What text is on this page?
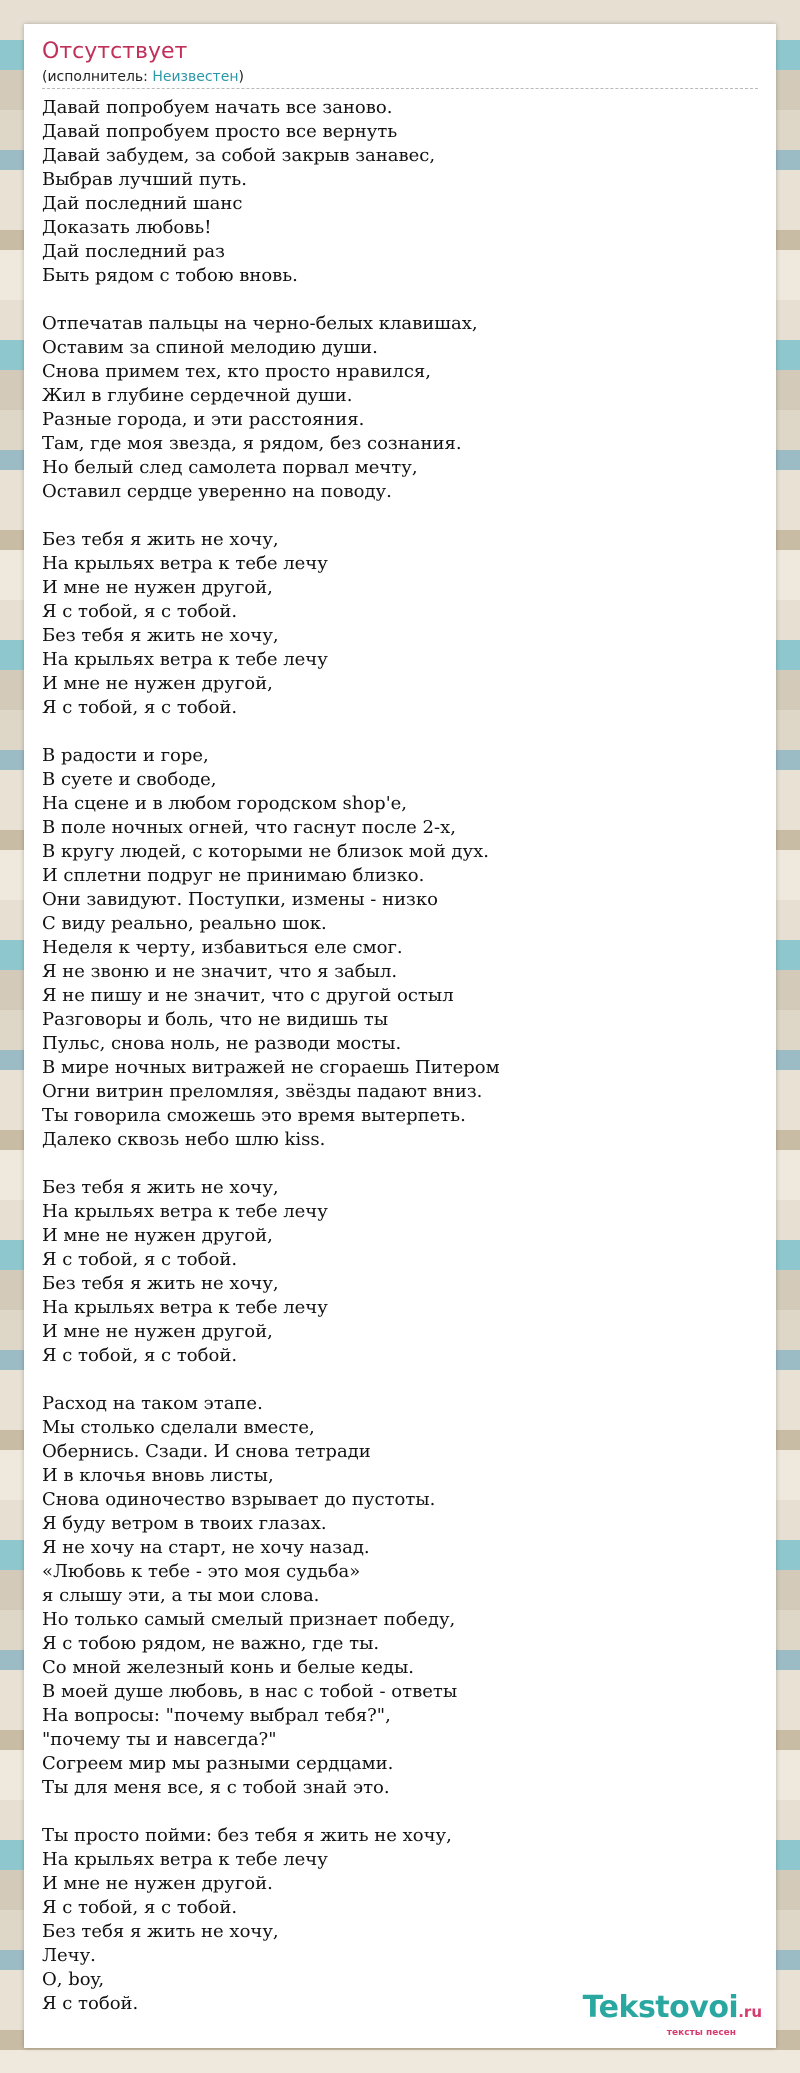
Отсутствует
(исполнитель: Неизвестен)
Давай попробуем начать все заново.
Давай попробуем просто все вернуть
Давай забудем, за собой закрыв занавес,
Выбрав лучший путь.
Дай последний шанс
Доказать любовь!
Дай последний раз
Быть рядом с тобою вновь.

Отпечатав пальцы на черно-белых клавишах,
Оставим за спиной мелодию души.
Снова примем тех, кто просто нравился,
Жил в глубине сердечной души.
Разные города, и эти расстояния.
Там, где моя звезда, я рядом, без сознания.
Но белый след самолета порвал мечту,
Оставил сердце уверенно на поводу.

Без тебя я жить не хочу,
На крыльях ветра к тебе лечу
И мне не нужен другой,
Я с тобой, я с тобой.
Без тебя я жить не хочу,
На крыльях ветра к тебе лечу
И мне не нужен другой,
Я с тобой, я с тобой.

В радости и горе,
В суете и свободе,
На сцене и в любом городском shop'е,
В поле ночных огней, что гаснут после 2-х,
В кругу людей, с которыми не близок мой дух.
И сплетни подруг не принимаю близко.
Они завидуют. Поступки, измены - низко
С виду реально, реально шок.
Неделя к черту, избавиться еле смог.
Я не звоню и не значит, что я забыл.
Я не пишу и не значит, что с другой остыл
Разговоры и боль, что не видишь ты
Пульс, снова ноль, не разводи мосты.
В мире ночных витражей не сгораешь Питером
Огни витрин преломляя, звёзды падают вниз.
Ты говорила сможешь это время вытерпеть.
Далеко сквозь небо шлю kiss.

Без тебя я жить не хочу,
На крыльях ветра к тебе лечу
И мне не нужен другой,
Я с тобой, я с тобой.
Без тебя я жить не хочу,
На крыльях ветра к тебе лечу
И мне не нужен другой,
Я с тобой, я с тобой.

Расход на таком этапе.
Мы столько сделали вместе,
Обернись. Сзади. И снова тетради
И в клочья вновь листы,
Снова одиночество взрывает до пустоты.
Я буду ветром в твоих глазах.
Я не хочу на старт, не хочу назад.
«Любовь к тебе - это моя судьба»
я слышу эти, а ты мои слова.
Но только самый смелый признает победу,
Я с тобою рядом, не важно, где ты.
Со мной железный конь и белые кеды.
В моей душе любовь, в нас с тобой - ответы
На вопросы: "почему выбрал тебя?",
"почему ты и навсегда?"
Согреем мир мы разными сердцами.
Ты для меня все, я с тобой знай это.

Ты просто пойми: без тебя я жить не хочу,
На крыльях ветра к тебе лечу
И мне не нужен другой.
Я с тобой, я с тобой.
Без тебя я жить не хочу,
Лечу.
О, boy,
Я с тобой.	Tekstovoi.ru
тексты песен
